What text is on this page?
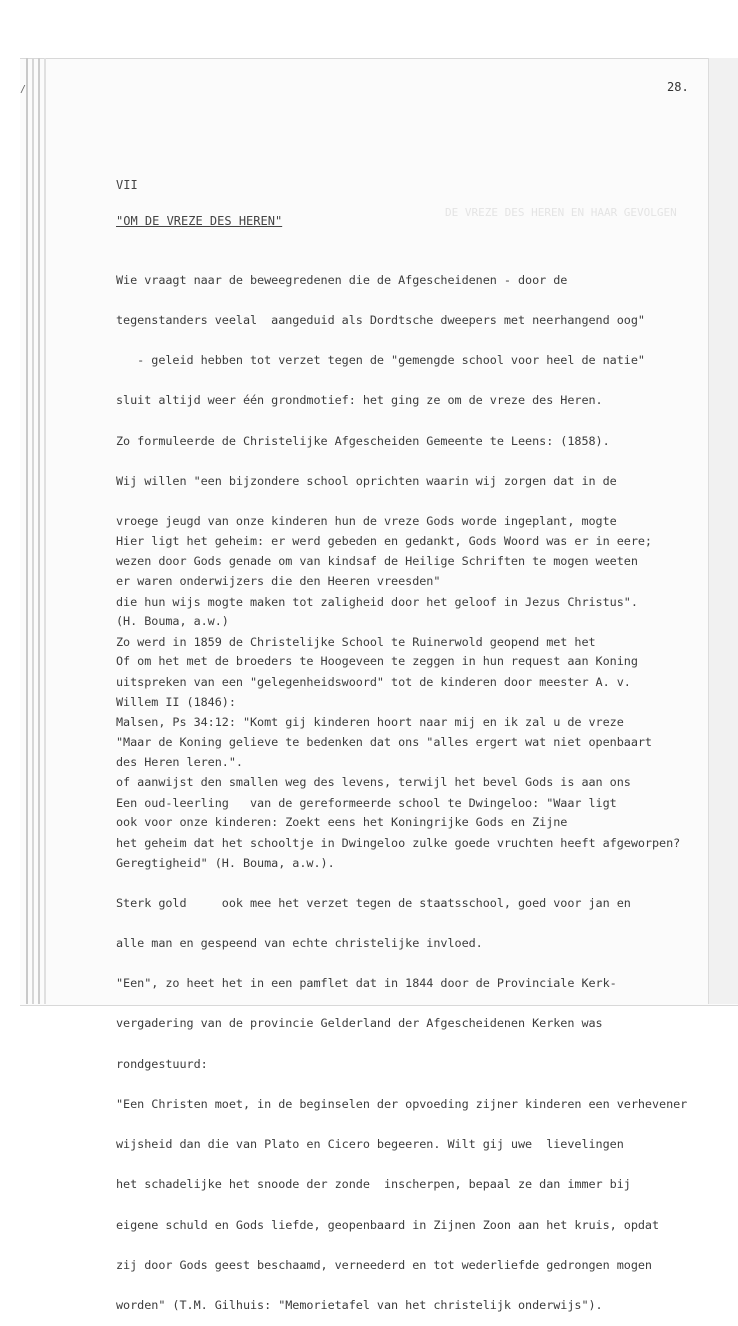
/	28.
VII
DE VREZE DES HEREN EN HAAR GEVOLGEN
"OM DE VREZE DES HEREN"

Wie vraagt naar de beweegredenen die de Afgescheidenen - door de

tegenstanders veelal  aangeduid als Dordtsche dweepers met neerhangend oog"

- geleid hebben tot verzet tegen de "gemengde school voor heel de natie"

sluit altijd weer één grondmotief: het ging ze om de vreze des Heren.

Zo formuleerde de Christelijke Afgescheiden Gemeente te Leens: (1858).

Wij willen "een bijzondere school oprichten waarin wij zorgen dat in de

vroege jeugd van onze kinderen hun de vreze Gods worde ingeplant, mogte

wezen door Gods genade om van kindsaf de Heilige Schriften te mogen weeten

die hun wijs mogte maken tot zaligheid door het geloof in Jezus Christus".

Zo werd in 1859 de Christelijke School te Ruinerwold geopend met het

uitspreken van een "gelegenheidswoord" tot de kinderen door meester A. v.

Malsen, Ps 34:12: "Komt gij kinderen hoort naar mij en ik zal u de vreze

des Heren leren.".

Een oud-leerling   van de gereformeerde school te Dwingeloo: "Waar ligt

het geheim dat het schooltje in Dwingeloo zulke goede vruchten heeft afgeworpen?

Hier ligt het geheim: er werd gebeden en gedankt, Gods Woord was er in eere;

er waren onderwijzers die den Heeren vreesden"

(H. Bouma, a.w.)

Of om het met de broeders te Hoogeveen te zeggen in hun request aan Koning

Willem II (1846):

"Maar de Koning gelieve te bedenken dat ons "alles ergert wat niet openbaart

of aanwijst den smallen weg des levens, terwijl het bevel Gods is aan ons

ook voor onze kinderen: Zoekt eens het Koningrijke Gods en Zijne

Geregtigheid" (H. Bouma, a.w.).

Sterk gold     ook mee het verzet tegen de staatsschool, goed voor jan en

alle man en gespeend van echte christelijke invloed.

"Een", zo heet het in een pamflet dat in 1844 door de Provinciale Kerk-

vergadering van de provincie Gelderland der Afgescheidenen Kerken was

rondgestuurd:

"Een Christen moet, in de beginselen der opvoeding zijner kinderen een verhevener

wijsheid dan die van Plato en Cicero begeeren. Wilt gij uwe  lievelingen

het schadelijke het snoode der zonde  inscherpen, bepaal ze dan immer bij

eigene schuld en Gods liefde, geopenbaard in Zijnen Zoon aan het kruis, opdat

zij door Gods geest beschaamd, verneederd en tot wederliefde gedrongen mogen

worden" (T.M. Gilhuis: "Memorietafel van het christelijk onderwijs").
